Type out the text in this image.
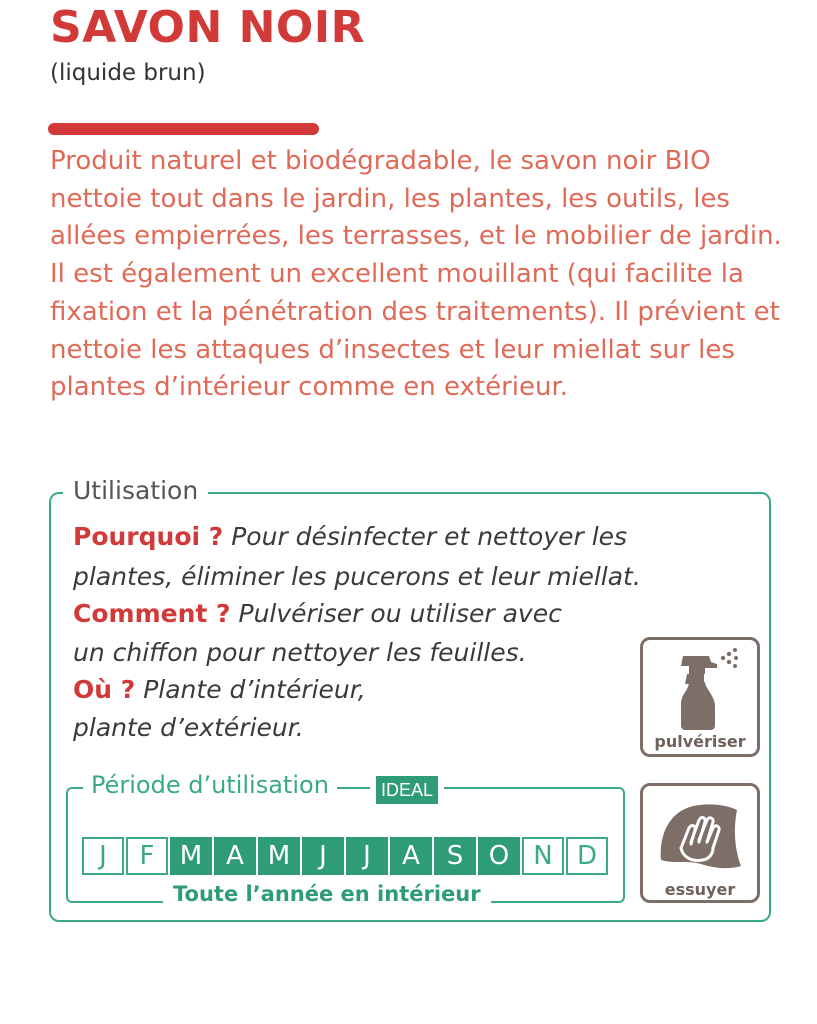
SAVON NOIR

(liquide brun)

Produit naturel et biodégradable, le savon noir BIO nettoie tout dans le jardin, les plantes, les outils, les allées empierrées, les terrasses, et le mobilier de jardin. Il est également un excellent mouillant (qui facilite la fixation et la pénétration des traitements). Il prévient et nettoie les attaques d’insectes et leur miellat sur les plantes d’intérieur comme en extérieur.

Utilisation

Pourquoi ? Pour désinfecter et nettoyer les

plantes, éliminer les pucerons et leur miellat.

Comment ? Pulvériser ou utiliser avec

un chiffon pour nettoyer les feuilles.

Où ? Plante d’intérieur,

plante d’extérieur.

Période d’utilisation	IDEAL
J	F M A M	J	J	A	S O N D
Toute l’année en intérieur
pulvériser
essuyer
